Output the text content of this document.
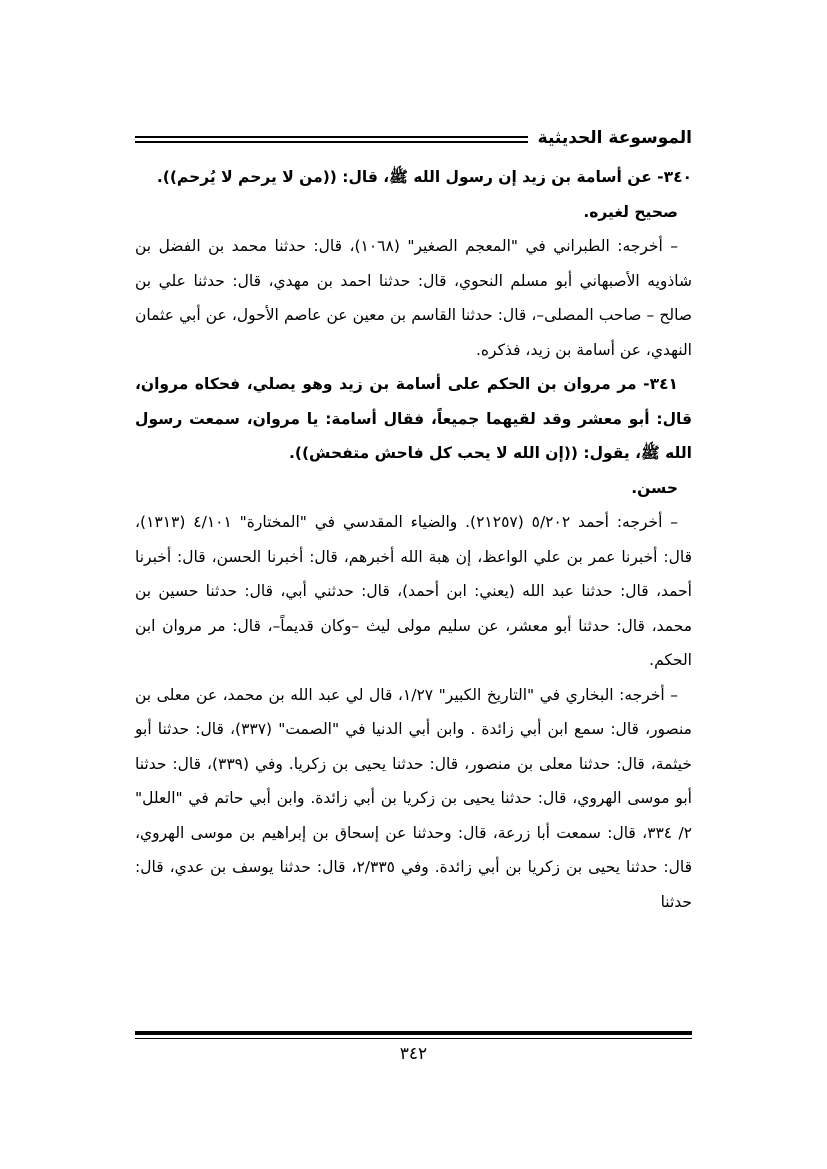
الموسوعة الحديثية

٣٤٠- عن أسامة بن زيد إن رسول الله ﷺ، قال: ((من لا يرحم لا يُرحم)).

صحيح لغيره.

– أخرجه: الطبراني في "المعجم الصغير" (١٠٦٨)، قال: حدثنا محمد بن الفضل بن شاذويه الأصبهاني أبو مسلم النحوي، قال: حدثنا احمد بن مهدي، قال: حدثنا علي بن صالح – صاحب المصلى–، قال: حدثنا القاسم بن معين عن عاصم الأحول، عن أبي عثمان النهدي، عن أسامة بن زيد، فذكره.

٣٤١- مر مروان بن الحكم على أسامة بن زيد وهو يصلي، فحكاه مروان، قال: أبو معشر وقد لقيهما جميعاً، فقال أسامة: يا مروان، سمعت رسول الله ﷺ، يقول: ((إن الله لا يحب كل فاحش متفحش)).

حسن.

– أخرجه: أحمد ٥/٢٠٢ (٢١٢٥٧). والضياء المقدسي في "المختارة" ٤/١٠١ (١٣١٣)، قال: أخبرنا عمر بن علي الواعظ، إن هبة الله أخبرهم، قال: أخبرنا الحسن، قال: أخبرنا أحمد، قال: حدثنا عبد الله (يعني: ابن أحمد)، قال: حدثني أبي، قال: حدثنا حسين بن محمد، قال: حدثنا أبو معشر، عن سليم مولى ليث –وكان قديماً–، قال: مر مروان ابن الحكم.

– أخرجه: البخاري في "التاريخ الكبير" ١/٢٧، قال لي عبد الله بن محمد، عن معلى بن منصور، قال: سمع ابن أبي زائدة . وابن أبي الدنيا في "الصمت" (٣٣٧)، قال: حدثنا أبو خيثمة، قال: حدثنا معلى بن منصور، قال: حدثنا يحيى بن زكريا. وفي (٣٣٩)، قال: حدثنا أبو موسى الهروي، قال: حدثنا يحيى بن زكريا بن أبي زائدة. وابن أبي حاتم في "العلل" ٢/ ٣٣٤، قال: سمعت أبا زرعة، قال: وحدثنا عن إسحاق بن إبراهيم بن موسى الهروي، قال: حدثنا يحيى بن زكريا بن أبي زائدة. وفي ٢/٣٣٥، قال: حدثنا يوسف بن عدي، قال: حدثنا

٣٤٢
